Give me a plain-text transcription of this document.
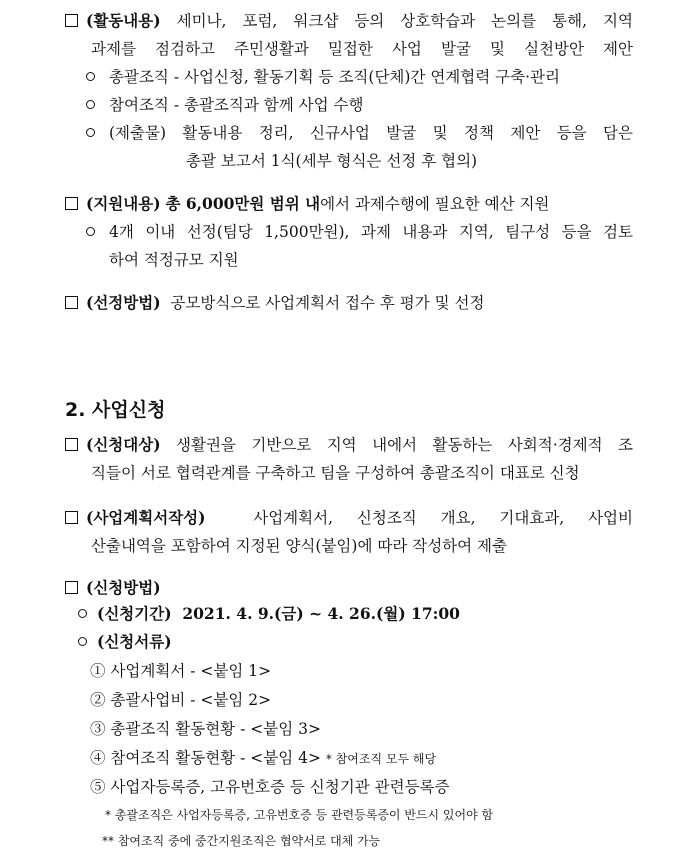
(활동내용) 세미나, 포럼, 워크샵 등의 상호학습과 논의를 통해, 지역
과제를 점검하고 주민생활과 밀접한 사업 발굴 및 실천방안 제안
총괄조직 - 사업신청, 활동기획 등 조직(단체)간 연계협력 구축·관리
참여조직 - 총괄조직과 함께 사업 수행
(제출물) 활동내용 정리, 신규사업 발굴 및 정책 제안 등을 담은
총괄 보고서 1식(세부 형식은 선정 후 협의)
(지원내용) 총 6,000만원 범위 내에서 과제수행에 필요한 예산 지원
4개 이내 선정(팀당 1,500만원), 과제 내용과 지역, 팀구성 등을 검토
하여 적정규모 지원
(선정방법) 공모방식으로 사업계획서 접수 후 평가 및 선정
2. 사업신청
(신청대상) 생활권을 기반으로 지역 내에서 활동하는 사회적·경제적 조
직들이 서로 협력관계를 구축하고 팀을 구성하여 총괄조직이 대표로 신청
(사업계획서작성)	사업계획서, 신청조직 개요, 기대효과, 사업비
산출내역을 포함하여 지정된 양식(붙임)에 따라 작성하여 제출
(신청방법)
(신청기간) 2021. 4. 9.(금) ~ 4. 26.(월) 17:00
(신청서류)
① 사업계획서 - <붙임 1>
② 총괄사업비 - <붙임 2>
③ 총괄조직 활동현황 - <붙임 3>
④ 참여조직 활동현황 - <붙임 4> * 참여조직 모두 해당
⑤ 사업자등록증, 고유번호증 등 신청기관 관련등록증
* 총괄조직은 사업자등록증, 고유번호증 등 관련등록증이 반드시 있어야 함
** 참여조직 중에 중간지원조직은 협약서로 대체 가능
